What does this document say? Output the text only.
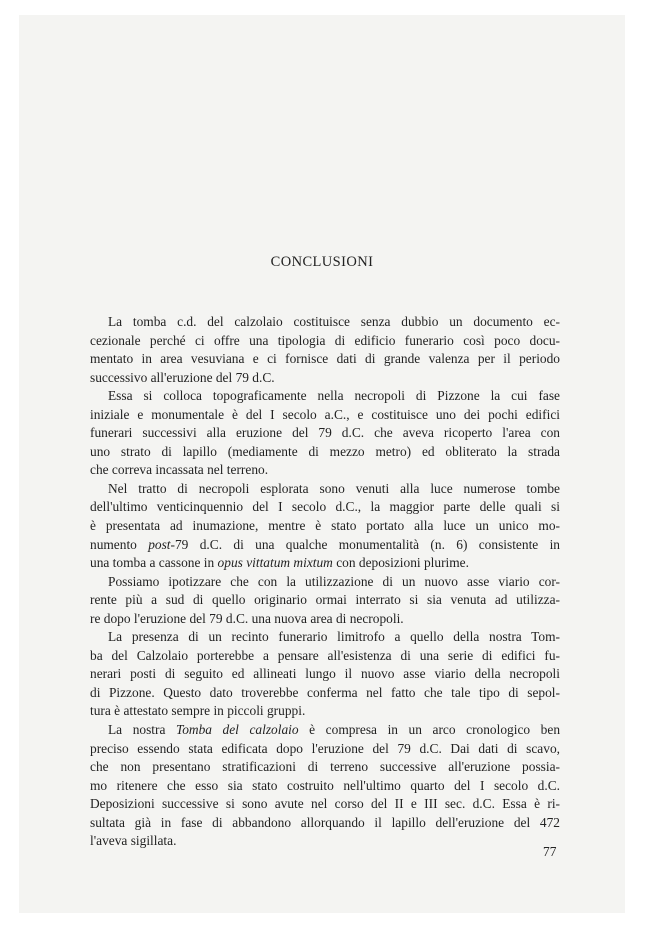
CONCLUSIONI
La tomba c.d. del calzolaio costituisce senza dubbio un documento ec-
cezionale perché ci offre una tipologia di edificio funerario così poco docu-
mentato in area vesuviana e ci fornisce dati di grande valenza per il periodo
successivo all'eruzione del 79 d.C.
Essa si colloca topograficamente nella necropoli di Pizzone la cui fase
iniziale e monumentale è del I secolo a.C., e costituisce uno dei pochi edifici
funerari successivi alla eruzione del 79 d.C. che aveva ricoperto l'area con
uno strato di lapillo (mediamente di mezzo metro) ed obliterato la strada
che correva incassata nel terreno.
Nel tratto di necropoli esplorata sono venuti alla luce numerose tombe
dell'ultimo venticinquennio del I secolo d.C., la maggior parte delle quali si
è presentata ad inumazione, mentre è stato portato alla luce un unico mo-
numento post-79 d.C. di una qualche monumentalità (n. 6) consistente in
una tomba a cassone in opus vittatum mixtum con deposizioni plurime.
Possiamo ipotizzare che con la utilizzazione di un nuovo asse viario cor-
rente più a sud di quello originario ormai interrato si sia venuta ad utilizza-
re dopo l'eruzione del 79 d.C. una nuova area di necropoli.
La presenza di un recinto funerario limitrofo a quello della nostra Tom-
ba del Calzolaio porterebbe a pensare all'esistenza di una serie di edifici fu-
nerari posti di seguito ed allineati lungo il nuovo asse viario della necropoli
di Pizzone. Questo dato troverebbe conferma nel fatto che tale tipo di sepol-
tura è attestato sempre in piccoli gruppi.
La nostra Tomba del calzolaio è compresa in un arco cronologico ben
preciso essendo stata edificata dopo l'eruzione del 79 d.C. Dai dati di scavo,
che non presentano stratificazioni di terreno successive all'eruzione possia-
mo ritenere che esso sia stato costruito nell'ultimo quarto del I secolo d.C.
Deposizioni successive si sono avute nel corso del II e III sec. d.C. Essa è ri-
sultata già in fase di abbandono allorquando il lapillo dell'eruzione del 472
l'aveva sigillata.
77
